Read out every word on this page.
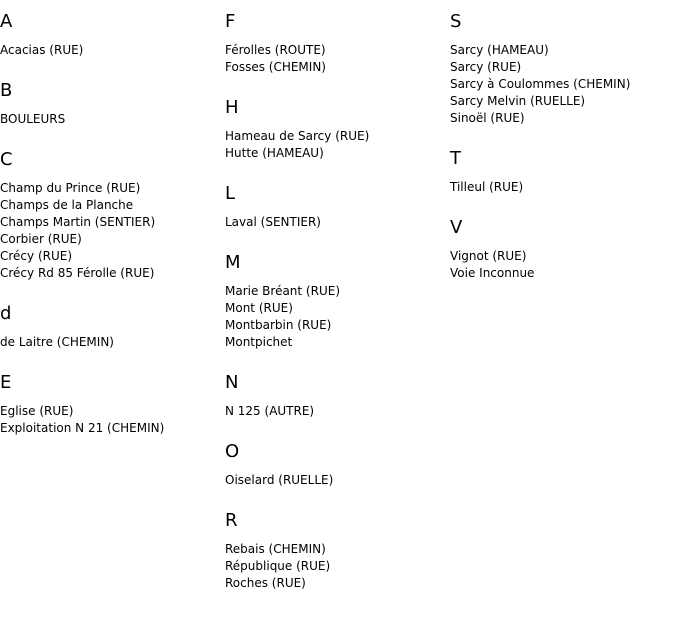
A
Acacias (RUE)
B
BOULEURS
C
Champ du Prince (RUE)
Champs de la Planche
Champs Martin (SENTIER)
Corbier (RUE)
Crécy (RUE)
Crécy Rd 85 Férolle (RUE)
d
de Laitre (CHEMIN)
E
Eglise (RUE)
Exploitation N 21 (CHEMIN)
F
Férolles (ROUTE)
Fosses (CHEMIN)
H
Hameau de Sarcy (RUE)
Hutte (HAMEAU)
L
Laval (SENTIER)
M
Marie Bréant (RUE)
Mont (RUE)
Montbarbin (RUE)
Montpichet
N
N 125 (AUTRE)
O
Oiselard (RUELLE)
R
Rebais (CHEMIN)
République (RUE)
Roches (RUE)
S
Sarcy (HAMEAU)
Sarcy (RUE)
Sarcy à Coulommes (CHEMIN)
Sarcy Melvin (RUELLE)
Sinoël (RUE)
T
Tilleul (RUE)
V
Vignot (RUE)
Voie Inconnue
